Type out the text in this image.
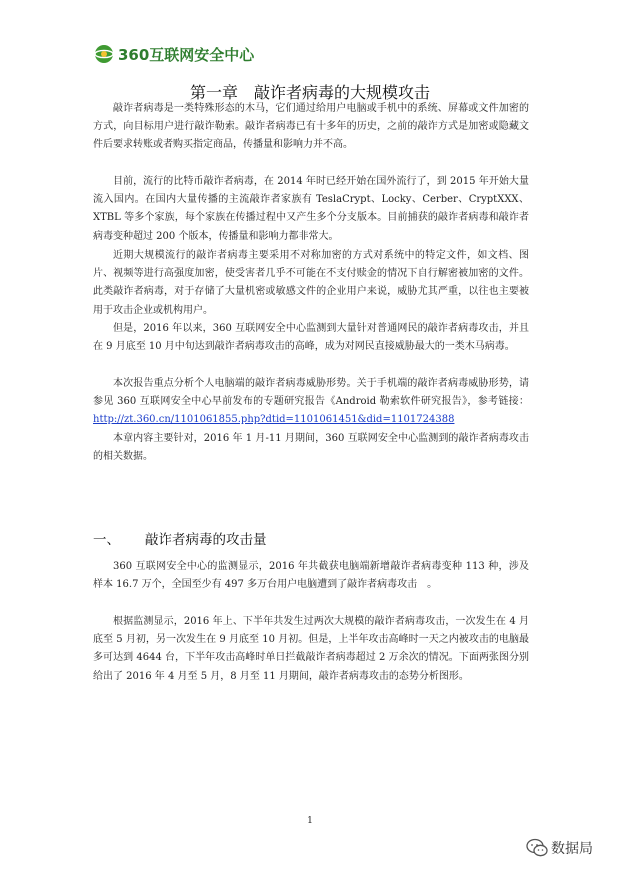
360互联网安全中心
第一章　敲诈者病毒的大规模攻击

敲诈者病毒是一类特殊形态的木马，它们通过给用户电脑或手机中的系统、屏幕或文件加密的方式，向目标用户进行敲诈勒索。敲诈者病毒已有十多年的历史，之前的敲诈方式是加密或隐藏文件后要求转账或者购买指定商品，传播量和影响力并不高。

目前，流行的比特币敲诈者病毒，在 2014 年时已经开始在国外流行了，到 2015 年开始大量流入国内。在国内大量传播的主流敲诈者家族有 TeslaCrypt、Locky、Cerber、CryptXXX、XTBL 等多个家族，每个家族在传播过程中又产生多个分支版本。目前捕获的敲诈者病毒和敲诈者病毒变种超过 200 个版本，传播量和影响力都非常大。

近期大规模流行的敲诈者病毒主要采用不对称加密的方式对系统中的特定文件，如文档、图片、视频等进行高强度加密，使受害者几乎不可能在不支付赎金的情况下自行解密被加密的文件。此类敲诈者病毒，对于存储了大量机密或敏感文件的企业用户来说，威胁尤其严重，以往也主要被用于攻击企业或机构用户。

但是，2016 年以来，360 互联网安全中心监测到大量针对普通网民的敲诈者病毒攻击，并且在 9 月底至 10 月中旬达到敲诈者病毒攻击的高峰，成为对网民直接威胁最大的一类木马病毒。

本次报告重点分析个人电脑端的敲诈者病毒威胁形势。关于手机端的敲诈者病毒威胁形势，请参见 360 互联网安全中心早前发布的专题研究报告《Android 勒索软件研究报告》，参考链接：http://zt.360.cn/1101061855.php?dtid=1101061451&did=1101724388

本章内容主要针对，2016 年 1 月-11 月期间，360 互联网安全中心监测到的敲诈者病毒攻击的相关数据。

一、 敲诈者病毒的攻击量

360 互联网安全中心的监测显示，2016 年共截获电脑端新增敲诈者病毒变种 113 种，涉及样本 16.7 万个，全国至少有 497 多万台用户电脑遭到了敲诈者病毒攻击　。

根据监测显示，2016 年上、下半年共发生过两次大规模的敲诈者病毒攻击，一次发生在 4 月底至 5 月初，另一次发生在 9 月底至 10 月初。但是，上半年攻击高峰时一天之内被攻击的电脑最多可达到 4644 台，下半年攻击高峰时单日拦截敲诈者病毒超过 2 万余次的情况。下面两张图分别给出了 2016 年 4 月至 5 月，8 月至 11 月期间，敲诈者病毒攻击的态势分析图形。

1
数据局
